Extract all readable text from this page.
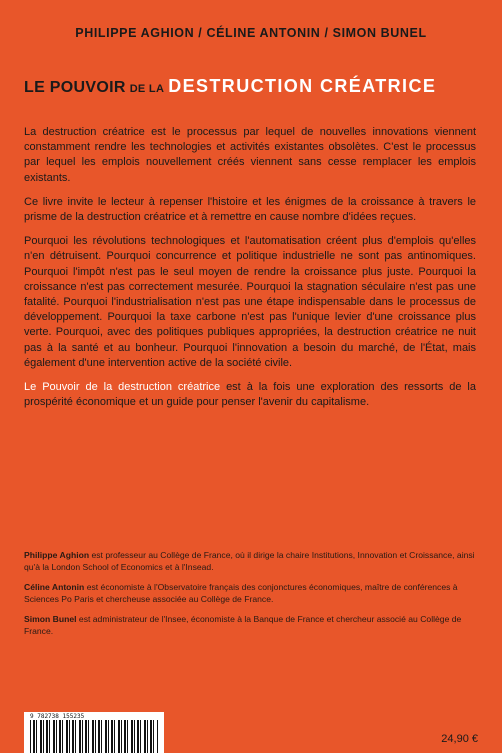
PHILIPPE AGHION / CÉLINE ANTONIN / SIMON BUNEL
LE POUVOIR DE LA DESTRUCTION CRÉATRICE

La destruction créatrice est le processus par lequel de nouvelles innovations viennent constamment rendre les technologies et activités existantes obsolètes. C'est le processus par lequel les emplois nouvellement créés viennent sans cesse remplacer les emplois existants.

Ce livre invite le lecteur à repenser l'histoire et les énigmes de la croissance à travers le prisme de la destruction créatrice et à remettre en cause nombre d'idées reçues.

Pourquoi les révolutions technologiques et l'automatisation créent plus d'emplois qu'elles n'en détruisent. Pourquoi concurrence et politique industrielle ne sont pas antinomiques. Pourquoi l'impôt n'est pas le seul moyen de rendre la croissance plus juste. Pourquoi la croissance n'est pas correctement mesurée. Pourquoi la stagnation séculaire n'est pas une fatalité. Pourquoi l'industrialisation n'est pas une étape indispensable dans le processus de développement. Pourquoi la taxe carbone n'est pas l'unique levier d'une croissance plus verte. Pourquoi, avec des politiques publiques appropriées, la destruction créatrice ne nuit pas à la santé et au bonheur. Pourquoi l'innovation a besoin du marché, de l'État, mais également d'une intervention active de la société civile.

Le Pouvoir de la destruction créatrice est à la fois une exploration des ressorts de la prospérité économique et un guide pour penser l'avenir du capitalisme.

Philippe Aghion est professeur au Collège de France, où il dirige la chaire Institutions, Innovation et Croissance, ainsi qu'à la London School of Economics et à l'Insead.

Céline Antonin est économiste à l'Observatoire français des conjonctures économiques, maître de conférences à Sciences Po Paris et chercheuse associée au Collège de France.

Simon Bunel est administrateur de l'Insee, économiste à la Banque de France et chercheur associé au Collège de France.

9 782738 155235
24,90 €
